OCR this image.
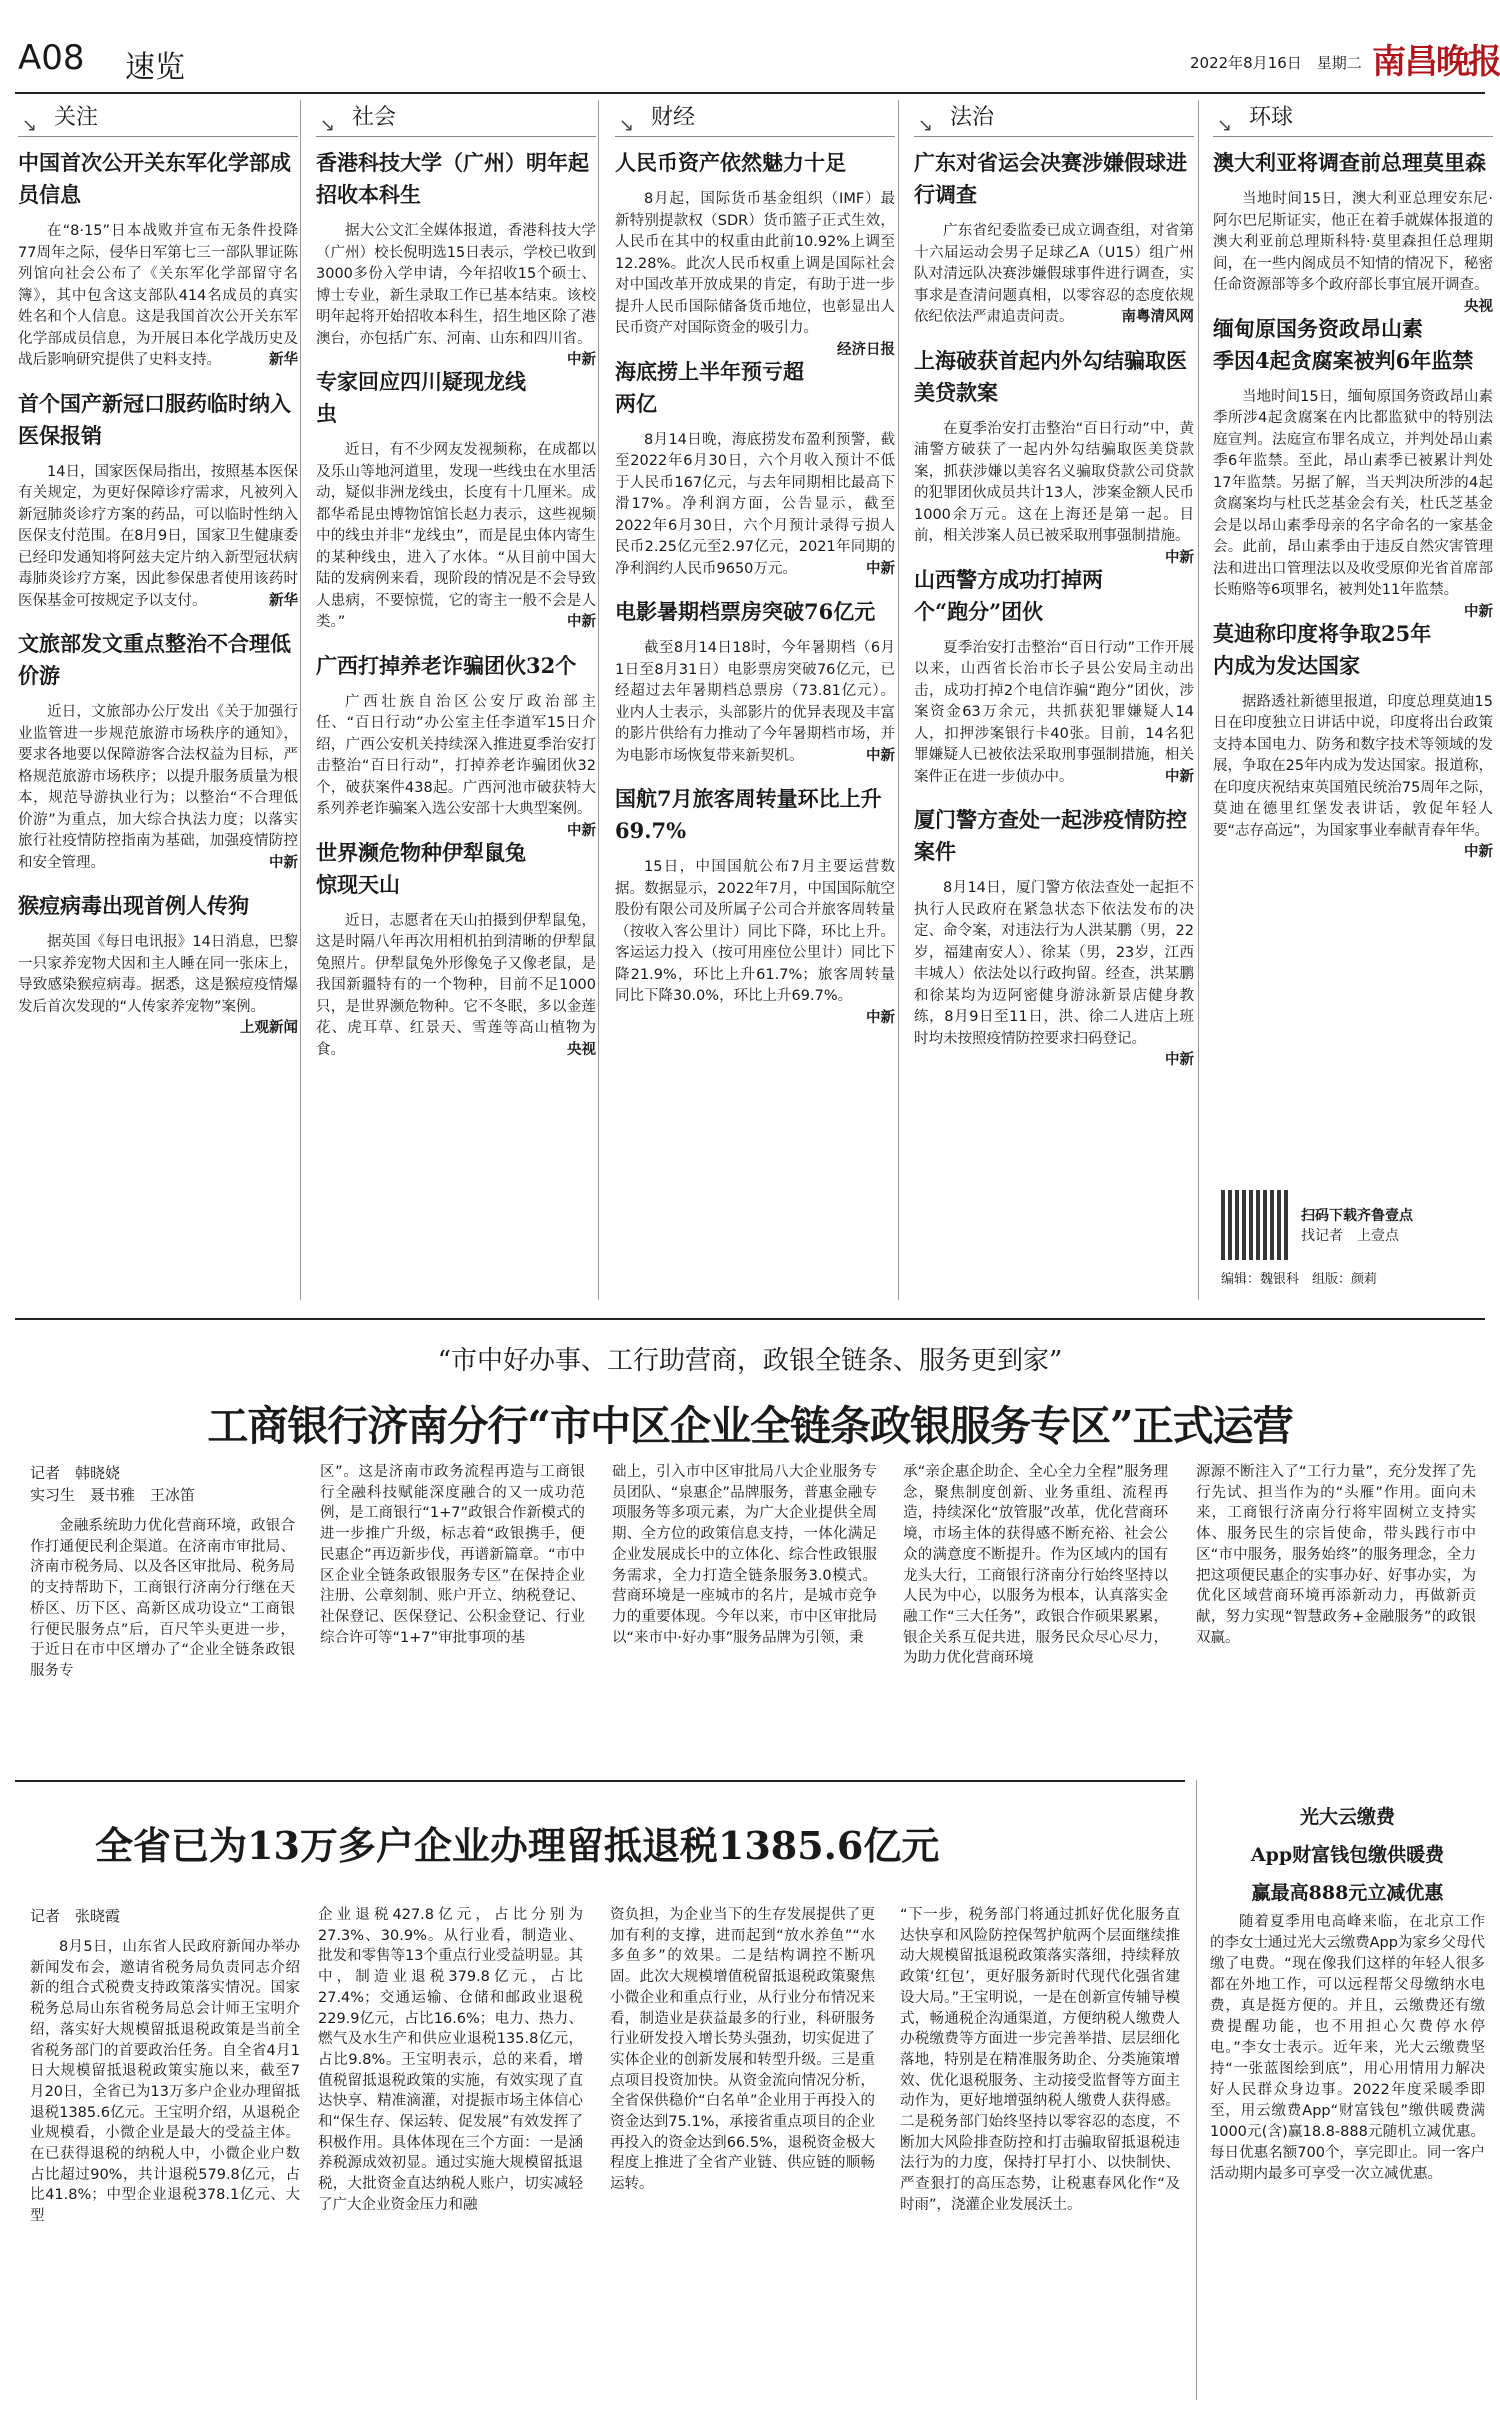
A08 速览	2022年8月16日　星期二 南昌晚报
↘ 关注
中国首次公开关东军化学部成员信息
在“8·15”日本战败并宣布无条件投降77周年之际，侵华日军第七三一部队罪证陈列馆向社会公布了《关东军化学部留守名簿》，其中包含这支部队414名成员的真实姓名和个人信息。这是我国首次公开关东军化学部成员信息，为开展日本化学战历史及战后影响研究提供了史料支持。	新华
首个国产新冠口服药临时纳入医保报销
14日，国家医保局指出，按照基本医保有关规定，为更好保障诊疗需求，凡被列入新冠肺炎诊疗方案的药品，可以临时性纳入医保支付范围。在8月9日，国家卫生健康委已经印发通知将阿兹夫定片纳入新型冠状病毒肺炎诊疗方案，因此参保患者使用该药时医保基金可按规定予以支付。	新华
文旅部发文重点整治不合理低价游
近日，文旅部办公厅发出《关于加强行业监管进一步规范旅游市场秩序的通知》，要求各地要以保障游客合法权益为目标，严格规范旅游市场秩序；以提升服务质量为根本，规范导游执业行为；以整治“不合理低价游”为重点，加大综合执法力度；以落实旅行社疫情防控指南为基础，加强疫情防控和安全管理。	中新
猴痘病毒出现首例人传狗
据英国《每日电讯报》14日消息，巴黎一只家养宠物犬因和主人睡在同一张床上，导致感染猴痘病毒。据悉，这是猴痘疫情爆发后首次发现的“人传家养宠物”案例。
上观新闻
↘ 社会
香港科技大学（广州）明年起招收本科生
据大公文汇全媒体报道，香港科技大学（广州）校长倪明选15日表示，学校已收到3000多份入学申请，今年招收15个硕士、博士专业，新生录取工作已基本结束。该校明年起将开始招收本科生，招生地区除了港澳台，亦包括广东、河南、山东和四川省。
中新
专家回应四川疑现龙线虫
近日，有不少网友发视频称，在成都以及乐山等地河道里，发现一些线虫在水里活动，疑似非洲龙线虫，长度有十几厘米。成都华希昆虫博物馆馆长赵力表示，这些视频中的线虫并非“龙线虫”，而是昆虫体内寄生的某种线虫，进入了水体。“从目前中国大陆的发病例来看，现阶段的情况是不会导致人患病，不要惊慌，它的寄主一般不会是人类。”	中新
广西打掉养老诈骗团伙32个
广西壮族自治区公安厅政治部主任、“百日行动”办公室主任李道军15日介绍，广西公安机关持续深入推进夏季治安打击整治“百日行动”，打掉养老诈骗团伙32个，破获案件438起。广西河池市破获特大系列养老诈骗案入选公安部十大典型案例。
中新
世界濒危物种伊犁鼠兔惊现天山
近日，志愿者在天山拍摄到伊犁鼠兔，这是时隔八年再次用相机拍到清晰的伊犁鼠兔照片。伊犁鼠兔外形像兔子又像老鼠，是我国新疆特有的一个物种，目前不足1000只，是世界濒危物种。它不冬眠，多以金莲花、虎耳草、红景天、雪莲等高山植物为食。	央视
↘ 财经
人民币资产依然魅力十足
8月起，国际货币基金组织（IMF）最新特别提款权（SDR）货币篮子正式生效，人民币在其中的权重由此前10.92%上调至12.28%。此次人民币权重上调是国际社会对中国改革开放成果的肯定，有助于进一步提升人民币国际储备货币地位，也彰显出人民币资产对国际资金的吸引力。
经济日报
海底捞上半年预亏超两亿
8月14日晚，海底捞发布盈利预警，截至2022年6月30日，六个月收入预计不低于人民币167亿元，与去年同期相比最高下滑17%。净利润方面，公告显示，截至2022年6月30日，六个月预计录得亏损人民币2.25亿元至2.97亿元，2021年同期的净利润约人民币9650万元。	中新
电影暑期档票房突破76亿元
截至8月14日18时，今年暑期档（6月1日至8月31日）电影票房突破76亿元，已经超过去年暑期档总票房（73.81亿元）。业内人士表示，头部影片的优异表现及丰富的影片供给有力推动了今年暑期档市场，并为电影市场恢复带来新契机。	中新
国航7月旅客周转量环比上升69.7%
15日，中国国航公布7月主要运营数据。数据显示，2022年7月，中国国际航空股份有限公司及所属子公司合并旅客周转量（按收入客公里计）同比下降，环比上升。客运运力投入（按可用座位公里计）同比下降21.9%，环比上升61.7%；旅客周转量同比下降30.0%，环比上升69.7%。
中新
↘ 法治
广东对省运会决赛涉嫌假球进行调查
广东省纪委监委已成立调查组，对省第十六届运动会男子足球乙A（U15）组广州队对清远队决赛涉嫌假球事件进行调查，实事求是查清问题真相，以零容忍的态度依规依纪依法严肃追责问责。	南粤清风网
上海破获首起内外勾结骗取医美贷款案
在夏季治安打击整治“百日行动”中，黄浦警方破获了一起内外勾结骗取医美贷款案，抓获涉嫌以美容名义骗取贷款公司贷款的犯罪团伙成员共计13人，涉案金额人民币1000余万元。这在上海还是第一起。目前，相关涉案人员已被采取刑事强制措施。
中新
山西警方成功打掉两个“跑分”团伙
夏季治安打击整治“百日行动”工作开展以来，山西省长治市长子县公安局主动出击，成功打掉2个电信诈骗“跑分”团伙，涉案资金63万余元，共抓获犯罪嫌疑人14人，扣押涉案银行卡40张。目前，14名犯罪嫌疑人已被依法采取刑事强制措施，相关案件正在进一步侦办中。	中新
厦门警方查处一起涉疫情防控案件
8月14日，厦门警方依法查处一起拒不执行人民政府在紧急状态下依法发布的决定、命令案，对违法行为人洪某鹏（男，22岁，福建南安人）、徐某（男，23岁，江西丰城人）依法处以行政拘留。经查，洪某鹏和徐某均为迈阿密健身游泳新景店健身教练，8月9日至11日，洪、徐二人进店上班时均未按照疫情防控要求扫码登记。
中新
↘ 环球
澳大利亚将调查前总理莫里森
当地时间15日，澳大利亚总理安东尼·阿尔巴尼斯证实，他正在着手就媒体报道的澳大利亚前总理斯科特·莫里森担任总理期间，在一些内阁成员不知情的情况下，秘密任命资源部等多个政府部长事宜展开调查。
央视
缅甸原国务资政昂山素季因4起贪腐案被判6年监禁
当地时间15日，缅甸原国务资政昂山素季所涉4起贪腐案在内比都监狱中的特别法庭宣判。法庭宣布罪名成立，并判处昂山素季6年监禁。至此，昂山素季已被累计判处17年监禁。另据了解，当天判决所涉的4起贪腐案均与杜氏芝基金会有关，杜氏芝基金会是以昂山素季母亲的名字命名的一家基金会。此前，昂山素季由于违反自然灾害管理法和进出口管理法以及收受原仰光省首席部长贿赂等6项罪名，被判处11年监禁。
中新
莫迪称印度将争取25年内成为发达国家
据路透社新德里报道，印度总理莫迪15日在印度独立日讲话中说，印度将出台政策支持本国电力、防务和数字技术等领域的发展，争取在25年内成为发达国家。报道称，在印度庆祝结束英国殖民统治75周年之际，莫迪在德里红堡发表讲话，敦促年轻人要“志存高远”，为国家事业奉献青春年华。
中新
扫码下载齐鲁壹点
找记者　上壹点
编辑：魏银科　组版：颜莉
“市中好办事、工行助营商，政银全链条、服务更到家”
工商银行济南分行“市中区企业全链条政银服务专区”正式运营
记者　韩晓娆
实习生　聂书雅　王冰笛
金融系统助力优化营商环境，政银合作打通便民利企渠道。在济南市审批局、济南市税务局、以及各区审批局、税务局的支持帮助下，工商银行济南分行继在天桥区、历下区、高新区成功设立“工商银行便民服务点”后，百尺竿头更进一步，于近日在市中区增办了“企业全链条政银服务专
区”。这是济南市政务流程再造与工商银行全融科技赋能深度融合的又一成功范例，是工商银行“1+7”政银合作新模式的进一步推广升级，标志着“政银携手，便民惠企”再迈新步伐，再谱新篇章。“市中区企业全链条政银服务专区”在保持企业注册、公章刻制、账户开立、纳税登记、社保登记、医保登记、公积金登记、行业综合许可等“1+7”审批事项的基
础上，引入市中区审批局八大企业服务专员团队、“泉惠企”品牌服务，普惠金融专项服务等多项元素，为广大企业提供全周期、全方位的政策信息支持，一体化满足企业发展成长中的立体化、综合性政银服务需求，全力打造全链条服务3.0模式。营商环境是一座城市的名片，是城市竞争力的重要体现。今年以来，市中区审批局以“来市中·好办事”服务品牌为引领，秉
承“亲企惠企助企、全心全力全程”服务理念，聚焦制度创新、业务重组、流程再造，持续深化“放管服”改革，优化营商环境，市场主体的获得感不断充裕、社会公众的满意度不断提升。作为区域内的国有龙头大行，工商银行济南分行始终坚持以人民为中心，以服务为根本，认真落实金融工作“三大任务”，政银合作硕果累累，银企关系互促共进，服务民众尽心尽力，为助力优化营商环境
源源不断注入了“工行力量”，充分发挥了先行先试、担当作为的“头雁”作用。面向未来，工商银行济南分行将牢固树立支持实体、服务民生的宗旨使命，带头践行市中区“市中服务，服务始终”的服务理念，全力把这项便民惠企的实事办好、好事办实，为优化区域营商环境再添新动力，再做新贡献，努力实现“智慧政务+金融服务”的政银双赢。
全省已为13万多户企业办理留抵退税1385.6亿元
记者　张晓霞
8月5日，山东省人民政府新闻办举办新闻发布会，邀请省税务局负责同志介绍新的组合式税费支持政策落实情况。国家税务总局山东省税务局总会计师王宝明介绍，落实好大规模留抵退税政策是当前全省税务部门的首要政治任务。自全省4月1日大规模留抵退税政策实施以来，截至7月20日，全省已为13万多户企业办理留抵退税1385.6亿元。王宝明介绍，从退税企业规模看，小微企业是最大的受益主体。在已获得退税的纳税人中，小微企业户数占比超过90%，共计退税579.8亿元，占比41.8%；中型企业退税378.1亿元、大型
企业退税427.8亿元，占比分别为27.3%、30.9%。从行业看，制造业、批发和零售等13个重点行业受益明显。其中，制造业退税379.8亿元，占比27.4%；交通运输、仓储和邮政业退税229.9亿元，占比16.6%；电力、热力、燃气及水生产和供应业退税135.8亿元，占比9.8%。王宝明表示，总的来看，增值税留抵退税政策的实施，有效实现了直达快享、精准滴灌，对提振市场主体信心和“保生存、保运转、促发展”有效发挥了积极作用。具体体现在三个方面：一是涵养税源成效初显。通过实施大规模留抵退税，大批资金直达纳税人账户，切实减轻了广大企业资金压力和融
资负担，为企业当下的生存发展提供了更加有利的支撑，进而起到“放水养鱼”“水多鱼多”的效果。二是结构调控不断巩固。此次大规模增值税留抵退税政策聚焦小微企业和重点行业，从行业分布情况来看，制造业是获益最多的行业，科研服务行业研发投入增长势头强劲，切实促进了实体企业的创新发展和转型升级。三是重点项目投资加快。从资金流向情况分析，全省保供稳价“白名单”企业用于再投入的资金达到75.1%，承接省重点项目的企业再投入的资金达到66.5%，退税资金极大程度上推进了全省产业链、供应链的顺畅运转。
“下一步，税务部门将通过抓好优化服务直达快享和风险防控保驾护航两个层面继续推动大规模留抵退税政策落实落细，持续释放政策‘红包’，更好服务新时代现代化强省建设大局。”王宝明说，一是在创新宣传辅导模式，畅通税企沟通渠道，方便纳税人缴费人办税缴费等方面进一步完善举措、层层细化落地，特别是在精准服务助企、分类施策增效、优化退税服务、主动接受监督等方面主动作为，更好地增强纳税人缴费人获得感。二是税务部门始终坚持以零容忍的态度，不断加大风险排查防控和打击骗取留抵退税违法行为的力度，保持打早打小、以快制快、严查狠打的高压态势，让税惠春风化作“及时雨”，浇灌企业发展沃土。
光大云缴费
App财富钱包缴供暖费
赢最高888元立减优惠
随着夏季用电高峰来临，在北京工作的李女士通过光大云缴费App为家乡父母代缴了电费。“现在像我们这样的年轻人很多都在外地工作，可以远程帮父母缴纳水电费，真是挺方便的。并且，云缴费还有缴费提醒功能，也不用担心欠费停水停电。”李女士表示。近年来，光大云缴费坚持“一张蓝图绘到底”，用心用情用力解决好人民群众身边事。2022年度采暖季即至，用云缴费App“财富钱包”缴供暖费满1000元(含)赢18.8-888元随机立减优惠。每日优惠名额700个，享完即止。同一客户活动期内最多可享受一次立减优惠。
